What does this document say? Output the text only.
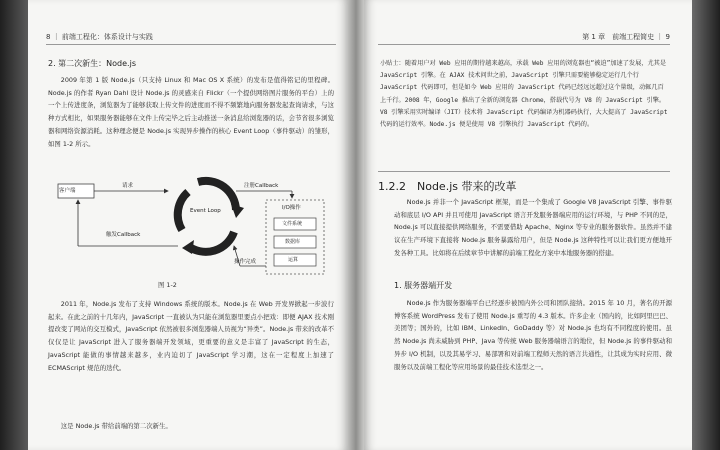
8 ｜ 前端工程化：体系设计与实践
2. 第二次新生：Node.js
2009 年第 1 版 Node.js（只支持 Linux 和 Mac OS X 系统）的发布是值得铭记的里程碑。Node.js 的作者 Ryan Dahl 设计 Node.js 的灵感来自 Flickr（一个提供网络图片服务的平台）上的一个上传进度条，浏览器为了能够获取上传文件的进度而不得不频繁地向服务器发起查询请求，与这种方式相比，如果服务器能够在文件上传完毕之后主动推送一条消息给浏览器的话，会节省很多浏览器和网络资源消耗。这种理念便是 Node.js 实现异步操作的核心 Event Loop（事件驱动）的雏形，如图 1-2 所示。
客户端
请求
Event Loop
注册Callback
I/O操作
文件系统
数据库
运算
触发Callback
操作完成
图 1-2
2011 年，Node.js 发布了支持 Windows 系统的版本。Node.js 在 Web 开发界掀起一步波行起来。在此之前的十几年内，JavaScript 一直被认为只能在浏览器里要点小把戏：即便 AJAX 技术刚提改变了网站的交互模式，JavaScript 依然被很多浏览器端人员视为“异类”。Node.js 带来的改革不仅仅是让 JavaScript 进入了服务器端开发领域，更重要的意义是丰富了 JavaScript 的生态，JavaScript 能做的事情越来越多，业内迫切了 JavaScript 学习潮，这在一定程度上加速了 ECMAScript 规范的迭代。
这是 Node.js 带给前端的第二次新生。
第 1 章　前端工程简史 ｜ 9
小贴士：随着用户对 Web 应用的期待越来越高，承载 Web 应用的浏览器也“被迫”加速了发展，尤其是 JavaScript 引擎。在 AJAX 技术问世之前，JavaScript 引擎只需要能够稳定运行几个行 JavaScript 代码即可，但是如今 Web 应用的 JavaScript 代码已经远远超过这个量级，动辄几百上千行。2008 年，Google 推出了全新的浏览器 Chrome，搭载代号为 V8 的 JavaScript 引擎。V8 引擎采用实时编译（JIT）技术将 JavaScript 代码编译为机器码执行，大大提高了 JavaScript 代码的运行效率。Node.js 便是使用 V8 引擎执行 JavaScript 代码的。
1.2.2　Node.js 带来的改革
Node.js 并非一个 JavaScript 框架，而是一个集成了 Google V8 JavaScript 引擎、事件驱动和底层 I/O API 并且可使用 JavaScript 语言开发服务器端应用的运行环境，与 PHP 不同的是，Node.js 可以直接提供网络服务，不需要借助 Apache、Nginx 等专业的服务器软件。虽然并不建议在生产环境下直接将 Node.js 服务暴露给用户，但是 Node.js 这种特性可以让我们更方便地开发各种工具。比如将在后续章节中讲解的前端工程化方案中本地服务器的搭建。
1. 服务器端开发
Node.js 作为服务器端平台已经逐步被国内外公司和团队接纳。2015 年 10 月，著名的开源博客系统 WordPress 发布了使用 Node.js 重写的 4.3 版本。许多企业（国内的，比如阿里巴巴、美团等；国外的，比如 IBM、LinkedIn、GoDaddy 等）对 Node.js 也均有不同程度的使用。虽然 Node.js 尚未威胁到 PHP、Java 等传统 Web 服务器端语言的地位，但 Node.js 的事件驱动和异步 I/O 机制，以及其易学习、易部署和对前端工程师天然的语言共通性，让其成为实时应用、微服务以及前端工程化等应用场景的最佳技术选型之一。
